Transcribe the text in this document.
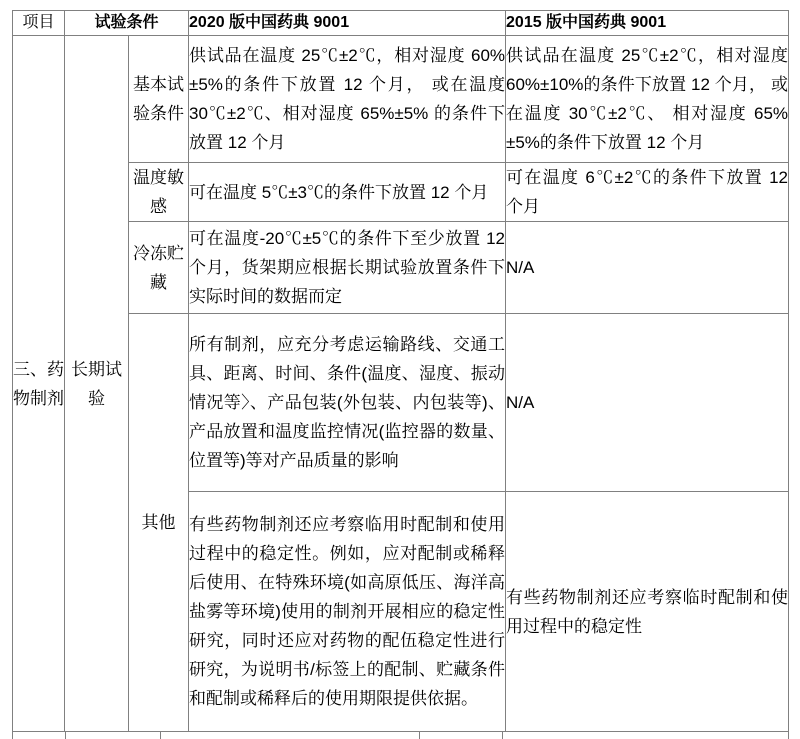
项目	试验条件		2020 版中国药典 9001	2015 版中国药典 9001
三、药物制剂	长期试验	基本试验条件	供试品在温度 25℃±2℃，相对湿度 60%±5%的条件下放置 12 个月， 或在温度 30℃±2℃、相对湿度 65%±5% 的条件下放置 12 个月	供试品在温度 25℃±2℃，相对湿度 60%±10%的条件下放置 12 个月， 或在温度 30℃±2℃、 相对湿度 65%±5%的条件下放置 12 个月
		温度敏感	可在温度 5℃±3℃的条件下放置 12 个月	可在温度 6℃±2℃的条件下放置 12 个月
		冷冻贮藏	可在温度-20℃±5℃的条件下至少放置 12 个月，货架期应根据长期试验放置条件下实际时间的数据而定	N/A
		其他	所有制剂，应充分考虑运输路线、交通工具、距离、时间、条件(温度、湿度、振动情况等〉、产品包装(外包装、内包装等)、产品放置和温度监控情况(监控器的数量、位置等)等对产品质量的影响	N/A
			有些药物制剂还应考察临用时配制和使用过程中的稳定性。例如，应对配制或稀释后使用、在特殊环境(如高原低压、海洋高盐雾等环境)使用的制剂开展相应的稳定性研究，同时还应对药物的配伍稳定性进行研究，为说明书/标签上的配制、贮藏条件和配制或稀释后的使用期限提供依据。	有些药物制剂还应考察临时配制和使用过程中的稳定性
